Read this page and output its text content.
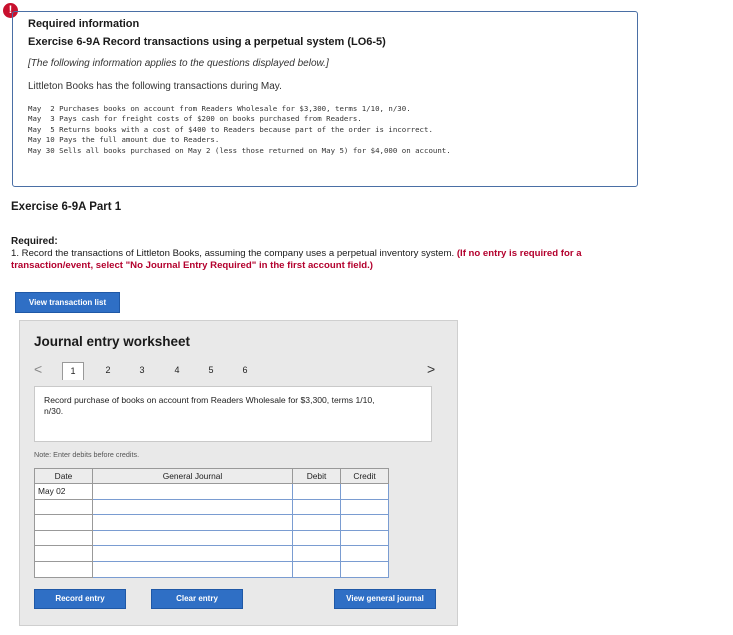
!
Required information
Exercise 6-9A Record transactions using a perpetual system (LO6-5)
[The following information applies to the questions displayed below.]
Littleton Books has the following transactions during May.
May  2 Purchases books on account from Readers Wholesale for $3,300, terms 1/10, n/30.
May  3 Pays cash for freight costs of $200 on books purchased from Readers.
May  5 Returns books with a cost of $400 to Readers because part of the order is incorrect.
May 10 Pays the full amount due to Readers.
May 30 Sells all books purchased on May 2 (less those returned on May 5) for $4,000 on account.
Exercise 6-9A Part 1
Required:
1. Record the transactions of Littleton Books, assuming the company uses a perpetual inventory system. (If no entry is required for a transaction/event, select "No Journal Entry Required" in the first account field.)
View transaction list
Journal entry worksheet
<	1	2	3	4	5	6	>
Record purchase of books on account from Readers Wholesale for $3,300, terms 1/10, n/30.
Note: Enter debits before credits.
Date	General Journal	Debit	Credit
May 02			

Record entry	Clear entry	View general journal
